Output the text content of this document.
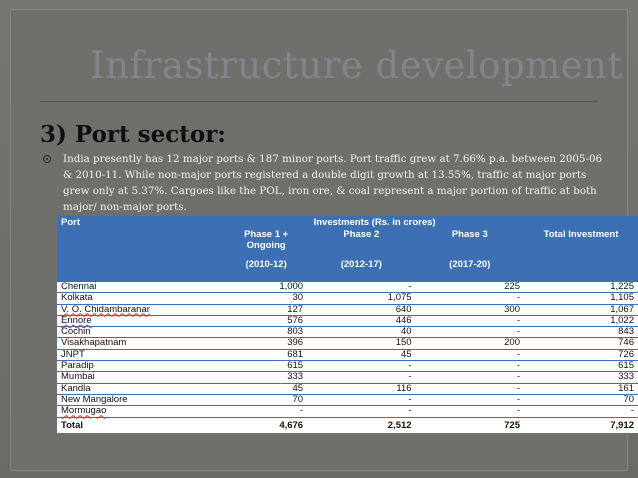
Infrastructure development
3) Port sector:
India presently has 12 major ports & 187 minor ports. Port traffic grew at 7.66% p.a. between 2005-06 & 2010-11. While non-major ports registered a double digit growth at 13.55%, traffic at major ports grew only at 5.37%. Cargoes like the POL, iron ore, & coal represent a major portion of traffic at both major/ non-major ports.
Port	Investments (Rs. in crores)			
	Phase 1 +	Phase 2	Phase 3	Total Investment
	Ongoing			

	(2010-12)	(2012-17)	(2017-20)	

Chennai	1,000	-	225	1,225
Kolkata	30	1,075	-	1,105
V. O. Chidambaranar	127	640	300	1,067
Ennore	576	446	-	1,022
Cochin	803	40	-	843
Visakhapatnam	396	150	200	746
JNPT	681	45	-	726
Paradip	615	-	-	615
Mumbai	333	-	-	333
Kandla	45	116	-	161
New Mangalore	70	-	-	70
Mormugao	-	-	-	-
Total	4,676	2,512	725	7,912
